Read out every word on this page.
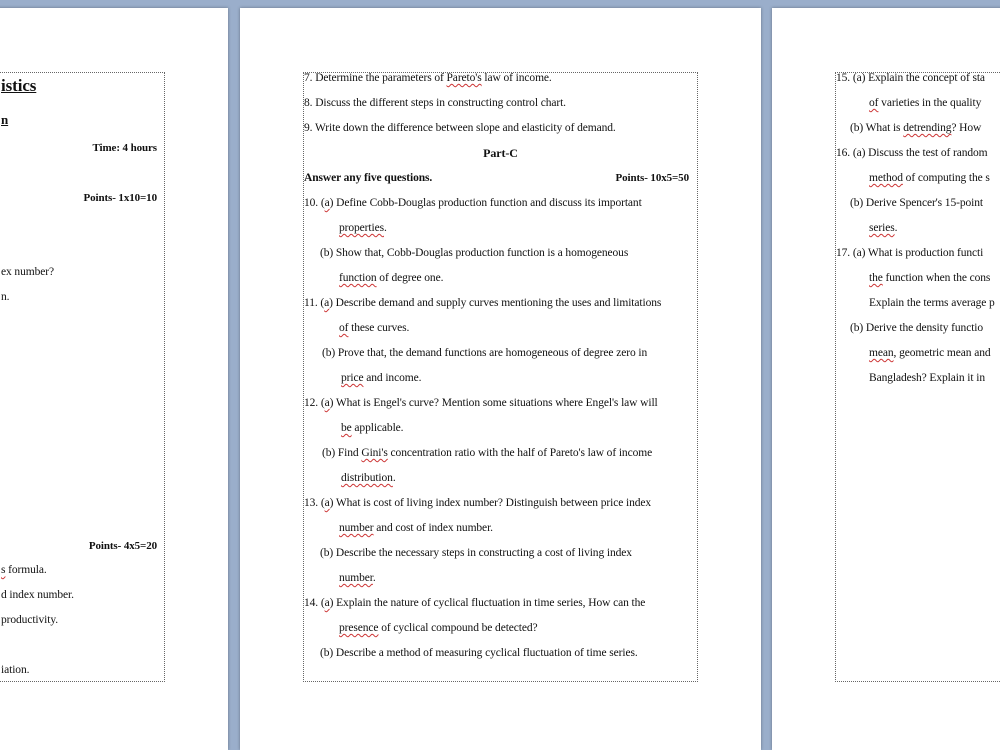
istics
n
Time: 4 hours
Points- 1x10=10
ex number?
n.
Points- 4x5=20
s formula.
d index number.
productivity.
iation.
7. Determine the parameters of Pareto's law of income.
8. Discuss the different steps in constructing control chart.
9. Write down the difference between slope and elasticity of demand.
Part-C
Answer any five questions.	Points- 10x5=50
10. (a) Define Cobb-Douglas production function and discuss its important
properties.
(b) Show that, Cobb-Douglas production function is a homogeneous
function of degree one.
11. (a) Describe demand and supply curves mentioning the uses and limitations
of these curves.
(b) Prove that, the demand functions are homogeneous of degree zero in
price and income.
12. (a) What is Engel's curve? Mention some situations where Engel's law will
be applicable.
(b) Find Gini's concentration ratio with the half of Pareto's law of income
distribution.
13. (a) What is cost of living index number? Distinguish between price index
number and cost of index number.
(b) Describe the necessary steps in constructing a cost of living index
number.
14. (a) Explain the nature of cyclical fluctuation in time series, How can the
presence of cyclical compound be detected?
(b) Describe a method of measuring cyclical fluctuation of time series.
15. (a) Explain the concept of sta
of varieties in the quality
(b) What is detrending? How
16. (a) Discuss the test of random
method of computing the s
(b) Derive Spencer's 15-point
series.
17. (a) What is production functi
the function when the cons
Explain the terms average p
(b) Derive the density functio
mean, geometric mean and
Bangladesh? Explain it in
